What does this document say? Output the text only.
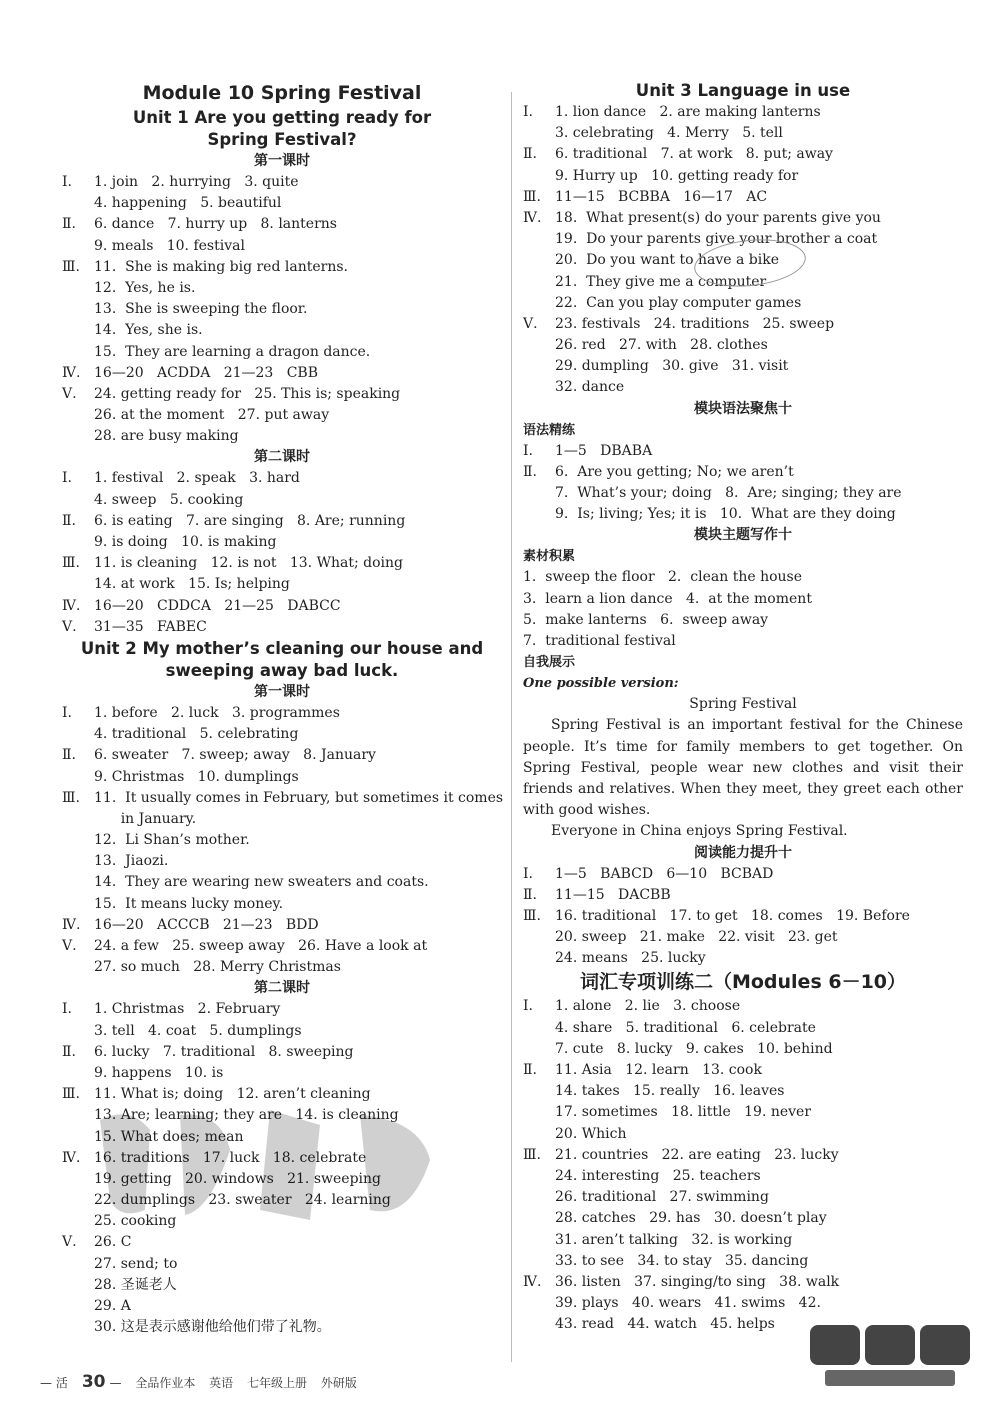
Module 10 Spring Festival
Unit 1 Are you getting ready for
Spring Festival?
第一课时
Ⅰ. 1. join   2. hurrying   3. quite
4. happening   5. beautiful
Ⅱ. 6. dance   7. hurry up   8. lanterns
9. meals   10. festival
Ⅲ. 11.  She is making big red lanterns.
12.  Yes, he is.
13.  She is sweeping the floor.
14.  Yes, she is.
15.  They are learning a dragon dance.
Ⅳ. 16—20   ACDDA   21—23   CBB
Ⅴ. 24. getting ready for   25. This is; speaking
26. at the moment   27. put away
28. are busy making
第二课时
Ⅰ. 1. festival   2. speak   3. hard
4. sweep   5. cooking
Ⅱ. 6. is eating   7. are singing   8. Are; running
9. is doing   10. is making
Ⅲ. 11. is cleaning   12. is not   13. What; doing
14. at work   15. Is; helping
Ⅳ. 16—20   CDDCA   21—25   DABCC
Ⅴ. 31—35   FABEC
Unit 2 My mother’s cleaning our house and
sweeping away bad luck.
第一课时
Ⅰ. 1. before   2. luck   3. programmes
4. traditional   5. celebrating
Ⅱ. 6. sweater   7. sweep; away   8. January
9. Christmas   10. dumplings
Ⅲ. 11.  It usually comes in February, but sometimes it comes
in January.
12.  Li Shan’s mother.
13.  Jiaozi.
14.  They are wearing new sweaters and coats.
15.  It means lucky money.
Ⅳ. 16—20   ACCCB   21—23   BDD
Ⅴ. 24. a few   25. sweep away   26. Have a look at
27. so much   28. Merry Christmas
第二课时
Ⅰ. 1. Christmas   2. February
3. tell   4. coat   5. dumplings
Ⅱ. 6. lucky   7. traditional   8. sweeping
9. happens   10. is
Ⅲ. 11. What is; doing   12. aren’t cleaning
13. Are; learning; they are   14. is cleaning
15. What does; mean
Ⅳ. 16. traditions   17. luck   18. celebrate
19. getting   20. windows   21. sweeping
22. dumplings   23. sweater   24. learning
25. cooking
Ⅴ. 26. C
27. send; to
28. 圣诞老人
29. A
30. 这是表示感谢他给他们带了礼物。
Unit 3 Language in use
Ⅰ. 1. lion dance   2. are making lanterns
3. celebrating   4. Merry   5. tell
Ⅱ. 6. traditional   7. at work   8. put; away
9. Hurry up   10. getting ready for
Ⅲ. 11—15   BCBBA   16—17   AC
Ⅳ. 18.  What present(s) do your parents give you
19.  Do your parents give your brother a coat
20.  Do you want to have a bike
21.  They give me a computer
22.  Can you play computer games
Ⅴ. 23. festivals   24. traditions   25. sweep
26. red   27. with   28. clothes
29. dumpling   30. give   31. visit
32. dance
模块语法聚焦十
语法精练
Ⅰ. 1—5   DBABA
Ⅱ. 6.  Are you getting; No; we aren’t
7.  What’s your; doing   8.  Are; singing; they are
9.  Is; living; Yes; it is   10.  What are they doing
模块主题写作十
素材积累
1.  sweep the floor   2.  clean the house
3.  learn a lion dance   4.  at the moment
5.  make lanterns   6.  sweep away
7.  traditional festival
自我展示
One possible version:
Spring Festival
Spring Festival is an important festival for the Chinese people. It’s time for family members to get together. On Spring Festival, people wear new clothes and visit their friends and relatives. When they meet, they greet each other with good wishes.
Everyone in China enjoys Spring Festival.
阅读能力提升十
Ⅰ. 1—5   BABCD   6—10   BCBAD
Ⅱ. 11—15   DACBB
Ⅲ. 16. traditional   17. to get   18. comes   19. Before
20. sweep   21. make   22. visit   23. get
24. means   25. lucky
词汇专项训练二（Modules 6－10）
Ⅰ. 1. alone   2. lie   3. choose
4. share   5. traditional   6. celebrate
7. cute   8. lucky   9. cakes   10. behind
Ⅱ. 11. Asia   12. learn   13. cook
14. takes   15. really   16. leaves
17. sometimes   18. little   19. never
20. Which
Ⅲ. 21. countries   22. are eating   23. lucky
24. interesting   25. teachers
26. traditional   27. swimming
28. catches   29. has   30. doesn’t play
31. aren’t talking   32. is working
33. to see   34. to stay   35. dancing
Ⅳ. 36. listen   37. singing/to sing   38. walk
39. plays   40. wears   41. swims   42.
43. read   44. watch   45. helps
— 活 30 — 全品作业本 英语 七年级上册 外研版
